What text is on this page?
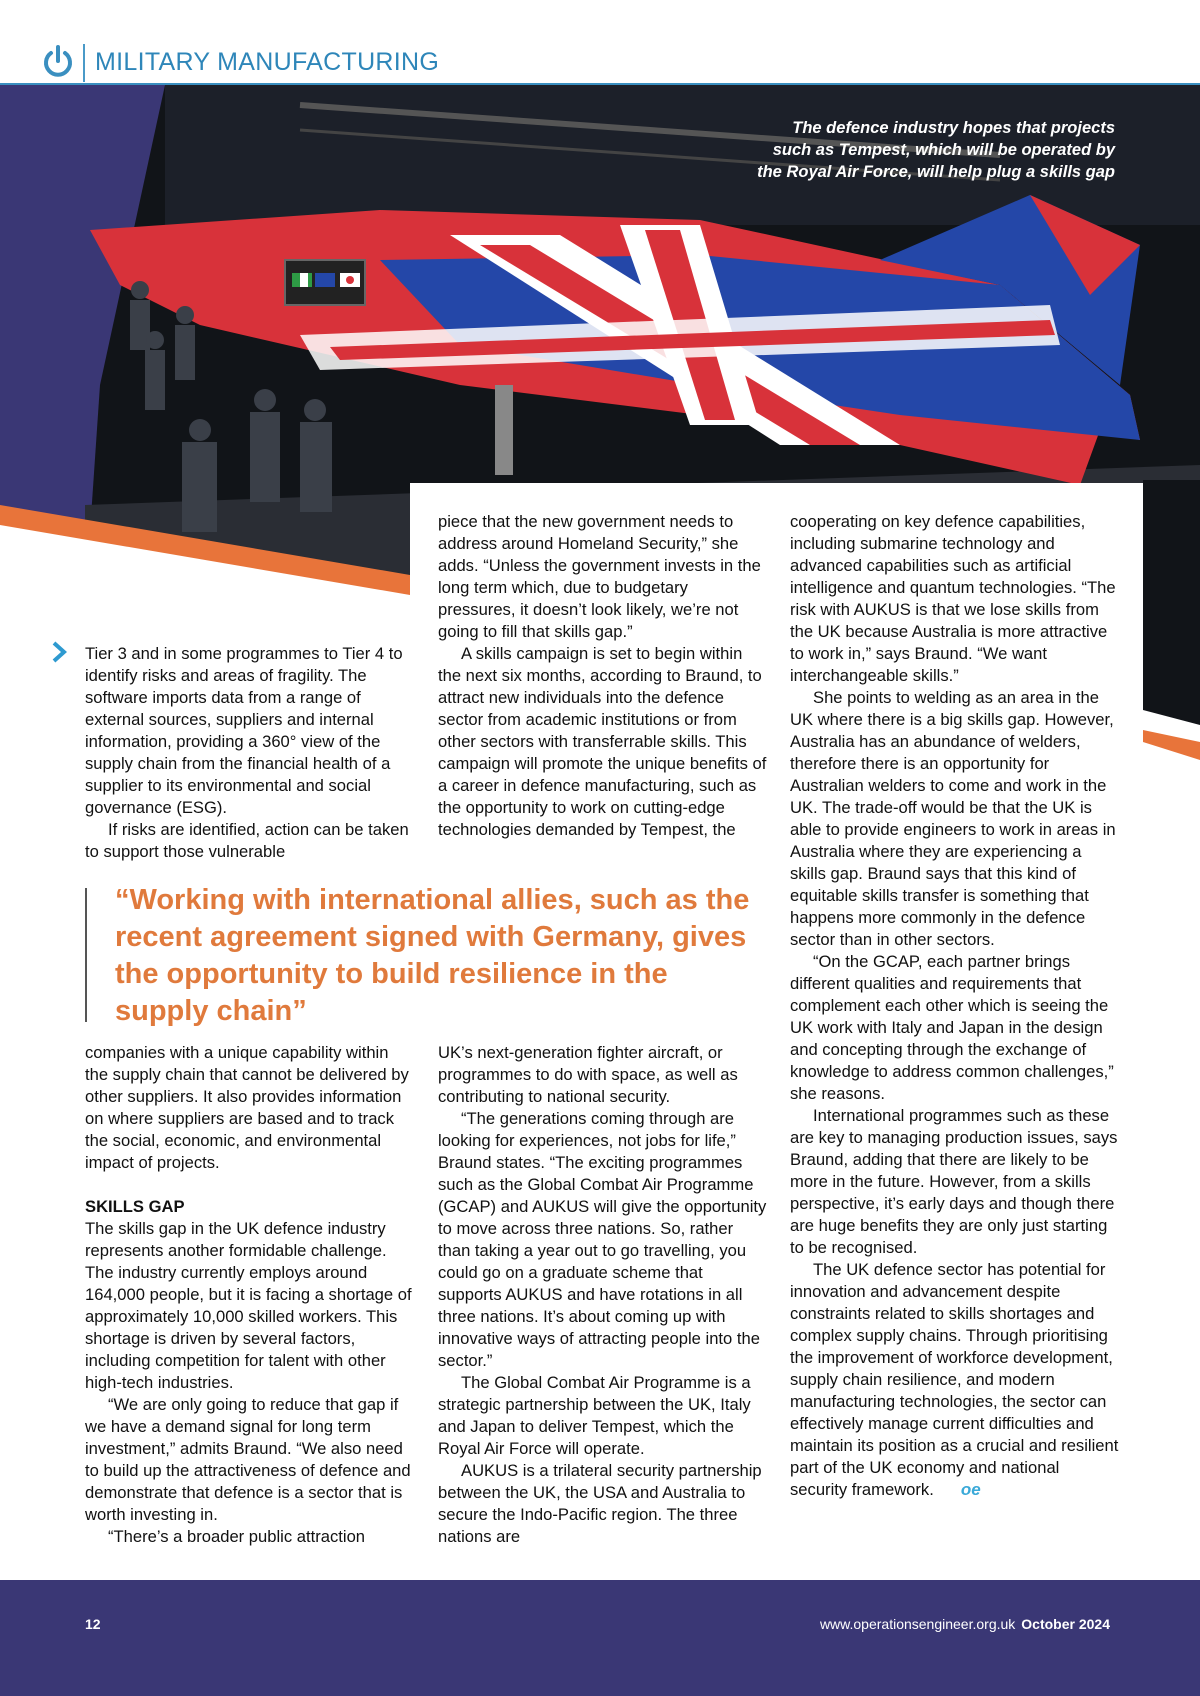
MILITARY MANUFACTURING
The defence industry hopes that projects such as Tempest, which will be operated by the Royal Air Force, will help plug a skills gap

Tier 3 and in some programmes to Tier 4 to identify risks and areas of fragility. The software imports data from a range of external sources, suppliers and internal information, providing a 360° view of the supply chain from the financial health of a supplier to its environmental and social governance (ESG).

If risks are identified, action can be taken to support those vulnerable

piece that the new government needs to address around Homeland Security,” she adds. “Unless the government invests in the long term which, due to budgetary pressures, it doesn’t look likely, we’re not going to fill that skills gap.”

A skills campaign is set to begin within the next six months, according to Braund, to attract new individuals into the defence sector from academic institutions or from other sectors with transferrable skills. This campaign will promote the unique benefits of a career in defence manufacturing, such as the opportunity to work on cutting-edge technologies demanded by Tempest, the

cooperating on key defence capabilities, including submarine technology and advanced capabilities such as artificial intelligence and quantum technologies. “The risk with AUKUS is that we lose skills from the UK because Australia is more attractive to work in,” says Braund. “We want interchangeable skills.”

She points to welding as an area in the UK where there is a big skills gap. However, Australia has an abundance of welders, therefore there is an opportunity for Australian welders to come and work in the UK. The trade-off would be that the UK is able to provide engineers to work in areas in Australia where they are experiencing a skills gap. Braund says that this kind of equitable skills transfer is something that happens more commonly in the defence sector than in other sectors.

“On the GCAP, each partner brings different qualities and requirements that complement each other which is seeing the UK work with Italy and Japan in the design and concepting through the exchange of knowledge to address common challenges,” she reasons.

International programmes such as these are key to managing production issues, says Braund, adding that there are likely to be more in the future. However, from a skills perspective, it’s early days and though there are huge benefits they are only just starting to be recognised.

The UK defence sector has potential for innovation and advancement despite constraints related to skills shortages and complex supply chains. Through prioritising the improvement of workforce development, supply chain resilience, and modern manufacturing technologies, the sector can effectively manage current difficulties and maintain its position as a crucial and resilient part of the UK economy and national security framework. oe

“Working with international allies, such as the recent agreement signed with Germany, gives the opportunity to build resilience in the supply chain”

companies with a unique capability within the supply chain that cannot be delivered by other suppliers. It also provides information on where suppliers are based and to track the social, economic, and environmental impact of projects.

SKILLS GAP

The skills gap in the UK defence industry represents another formidable challenge. The industry currently employs around 164,000 people, but it is facing a shortage of approximately 10,000 skilled workers. This shortage is driven by several factors, including competition for talent with other high-tech industries.

“We are only going to reduce that gap if we have a demand signal for long term investment,” admits Braund. “We also need to build up the attractiveness of defence and demonstrate that defence is a sector that is worth investing in.

“There’s a broader public attraction

UK’s next-generation fighter aircraft, or programmes to do with space, as well as contributing to national security.

“The generations coming through are looking for experiences, not jobs for life,” Braund states. “The exciting programmes such as the Global Combat Air Programme (GCAP) and AUKUS will give the opportunity to move across three nations. So, rather than taking a year out to go travelling, you could go on a graduate scheme that supports AUKUS and have rotations in all three nations. It’s about coming up with innovative ways of attracting people into the sector.”

The Global Combat Air Programme is a strategic partnership between the UK, Italy and Japan to deliver Tempest, which the Royal Air Force will operate.

AUKUS is a trilateral security partnership between the UK, the USA and Australia to secure the Indo-Pacific region. The three nations are

12	www.operationsengineer.org.uk October 2024
